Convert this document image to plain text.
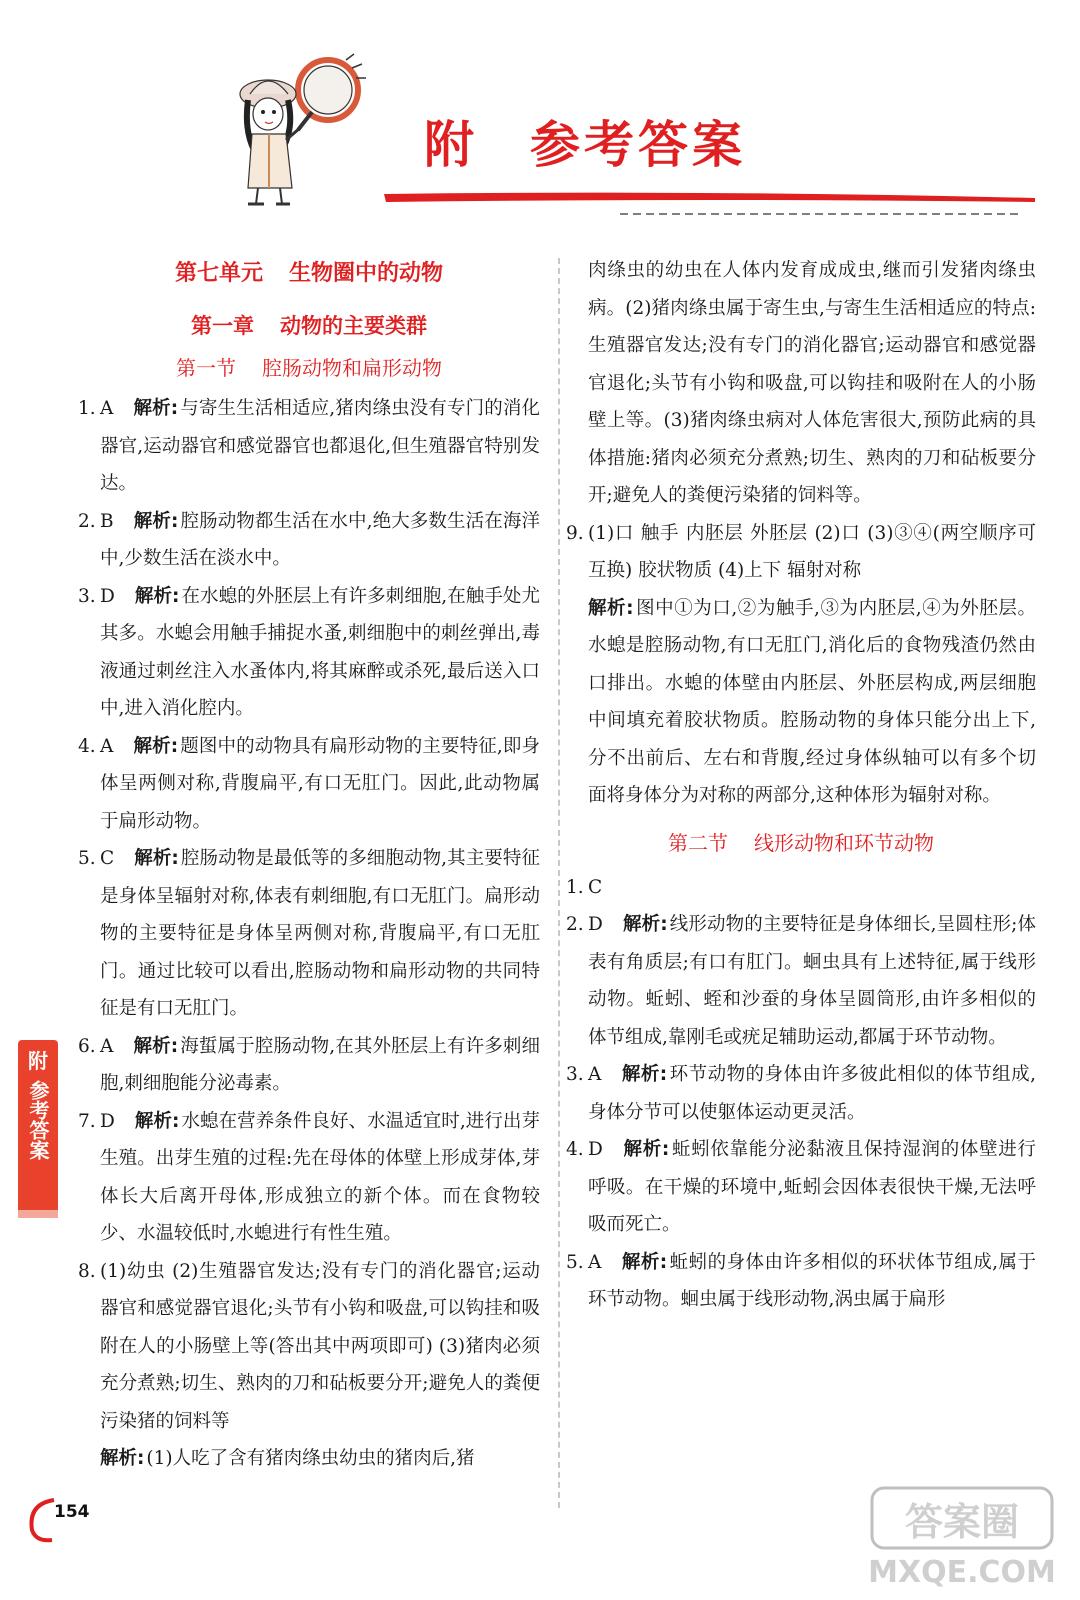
附 参考答案
第七单元 生物圈中的动物
第一章 动物的主要类群
第一节 腔肠动物和扁形动物
1. A 解析: 与寄生生活相适应,猪肉绦虫没有专门的消化器官,运动器官和感觉器官也都退化,但生殖器官特别发达。
2. B 解析: 腔肠动物都生活在水中,绝大多数生活在海洋中,少数生活在淡水中。
3. D 解析: 在水螅的外胚层上有许多刺细胞,在触手处尤其多。水螅会用触手捕捉水蚤,刺细胞中的刺丝弹出,毒液通过刺丝注入水蚤体内,将其麻醉或杀死,最后送入口中,进入消化腔内。
4. A 解析: 题图中的动物具有扁形动物的主要特征,即身体呈两侧对称,背腹扁平,有口无肛门。因此,此动物属于扁形动物。
5. C 解析: 腔肠动物是最低等的多细胞动物,其主要特征是身体呈辐射对称,体表有刺细胞,有口无肛门。扁形动物的主要特征是身体呈两侧对称,背腹扁平,有口无肛门。通过比较可以看出,腔肠动物和扁形动物的共同特征是有口无肛门。
6. A 解析: 海蜇属于腔肠动物,在其外胚层上有许多刺细胞,刺细胞能分泌毒素。
7. D 解析: 水螅在营养条件良好、水温适宜时,进行出芽生殖。出芽生殖的过程:先在母体的体壁上形成芽体,芽体长大后离开母体,形成独立的新个体。而在食物较少、水温较低时,水螅进行有性生殖。
8. (1)幼虫 (2)生殖器官发达;没有专门的消化器官;运动器官和感觉器官退化;头节有小钩和吸盘,可以钩挂和吸附在人的小肠壁上等(答出其中两项即可) (3)猪肉必须充分煮熟;切生、熟肉的刀和砧板要分开;避免人的粪便污染猪的饲料等
解析: (1)人吃了含有猪肉绦虫幼虫的猪肉后,猪
肉绦虫的幼虫在人体内发育成成虫,继而引发猪肉绦虫病。(2)猪肉绦虫属于寄生虫,与寄生生活相适应的特点:生殖器官发达;没有专门的消化器官;运动器官和感觉器官退化;头节有小钩和吸盘,可以钩挂和吸附在人的小肠壁上等。(3)猪肉绦虫病对人体危害很大,预防此病的具体措施:猪肉必须充分煮熟;切生、熟肉的刀和砧板要分开;避免人的粪便污染猪的饲料等。
9. (1)口 触手 内胚层 外胚层 (2)口 (3)③④(两空顺序可互换) 胶状物质 (4)上下 辐射对称
解析: 图中①为口,②为触手,③为内胚层,④为外胚层。水螅是腔肠动物,有口无肛门,消化后的食物残渣仍然由口排出。水螅的体壁由内胚层、外胚层构成,两层细胞中间填充着胶状物质。腔肠动物的身体只能分出上下,分不出前后、左右和背腹,经过身体纵轴可以有多个切面将身体分为对称的两部分,这种体形为辐射对称。
第二节 线形动物和环节动物
1. C
2. D 解析: 线形动物的主要特征是身体细长,呈圆柱形;体表有角质层;有口有肛门。蛔虫具有上述特征,属于线形动物。蚯蚓、蛭和沙蚕的身体呈圆筒形,由许多相似的体节组成,靠刚毛或疣足辅助运动,都属于环节动物。
3. A 解析: 环节动物的身体由许多彼此相似的体节组成,身体分节可以使躯体运动更灵活。
4. D 解析: 蚯蚓依靠能分泌黏液且保持湿润的体壁进行呼吸。在干燥的环境中,蚯蚓会因体表很快干燥,无法呼吸而死亡。
5. A 解析: 蚯蚓的身体由许多相似的环状体节组成,属于环节动物。蛔虫属于线形动物,涡虫属于扁形
附
参考答案
154	答案圈
MXQE.COM
